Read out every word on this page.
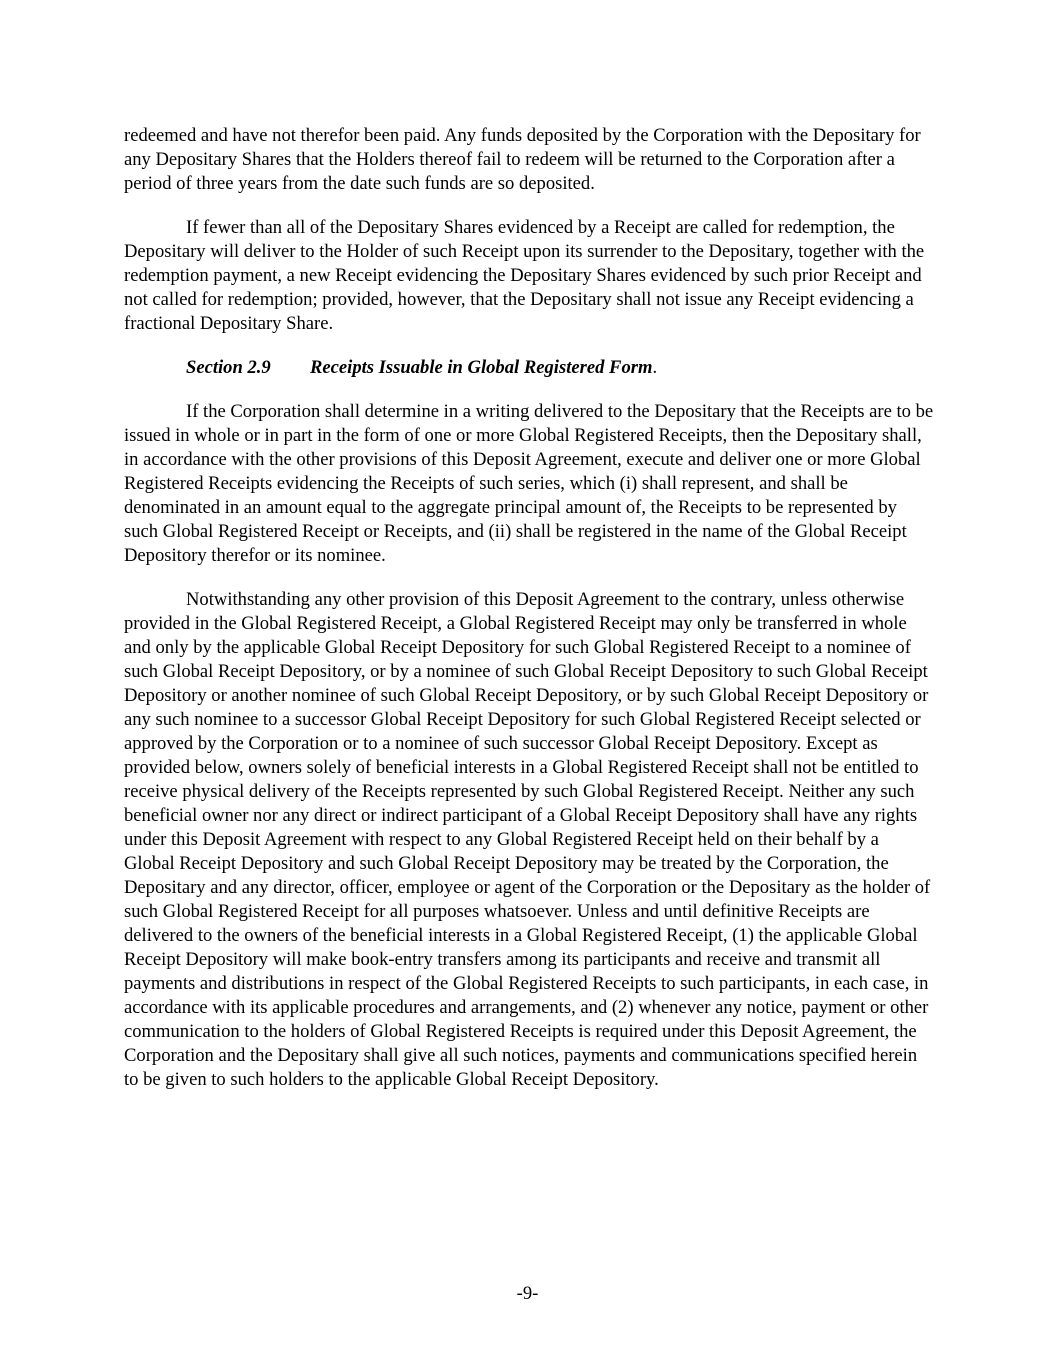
redeemed and have not therefor been paid. Any funds deposited by the Corporation with the Depositary for any Depositary Shares that the Holders thereof fail to redeem will be returned to the Corporation after a period of three years from the date such funds are so deposited.

If fewer than all of the Depositary Shares evidenced by a Receipt are called for redemption, the Depositary will deliver to the Holder of such Receipt upon its surrender to the Depositary, together with the redemption payment, a new Receipt evidencing the Depositary Shares evidenced by such prior Receipt and not called for redemption; provided, however, that the Depositary shall not issue any Receipt evidencing a fractional Depositary Share.

Section 2.9 Receipts Issuable in Global Registered Form.

If the Corporation shall determine in a writing delivered to the Depositary that the Receipts are to be issued in whole or in part in the form of one or more Global Registered Receipts, then the Depositary shall, in accordance with the other provisions of this Deposit Agreement, execute and deliver one or more Global Registered Receipts evidencing the Receipts of such series, which (i) shall represent, and shall be denominated in an amount equal to the aggregate principal amount of, the Receipts to be represented by such Global Registered Receipt or Receipts, and (ii) shall be registered in the name of the Global Receipt Depository therefor or its nominee.

Notwithstanding any other provision of this Deposit Agreement to the contrary, unless otherwise provided in the Global Registered Receipt, a Global Registered Receipt may only be transferred in whole and only by the applicable Global Receipt Depository for such Global Registered Receipt to a nominee of such Global Receipt Depository, or by a nominee of such Global Receipt Depository to such Global Receipt Depository or another nominee of such Global Receipt Depository, or by such Global Receipt Depository or any such nominee to a successor Global Receipt Depository for such Global Registered Receipt selected or approved by the Corporation or to a nominee of such successor Global Receipt Depository. Except as provided below, owners solely of beneficial interests in a Global Registered Receipt shall not be entitled to receive physical delivery of the Receipts represented by such Global Registered Receipt. Neither any such beneficial owner nor any direct or indirect participant of a Global Receipt Depository shall have any rights under this Deposit Agreement with respect to any Global Registered Receipt held on their behalf by a Global Receipt Depository and such Global Receipt Depository may be treated by the Corporation, the Depositary and any director, officer, employee or agent of the Corporation or the Depositary as the holder of such Global Registered Receipt for all purposes whatsoever. Unless and until definitive Receipts are delivered to the owners of the beneficial interests in a Global Registered Receipt, (1) the applicable Global Receipt Depository will make book-entry transfers among its participants and receive and transmit all payments and distributions in respect of the Global Registered Receipts to such participants, in each case, in accordance with its applicable procedures and arrangements, and (2) whenever any notice, payment or other communication to the holders of Global Registered Receipts is required under this Deposit Agreement, the Corporation and the Depositary shall give all such notices, payments and communications specified herein to be given to such holders to the applicable Global Receipt Depository.

-9-
